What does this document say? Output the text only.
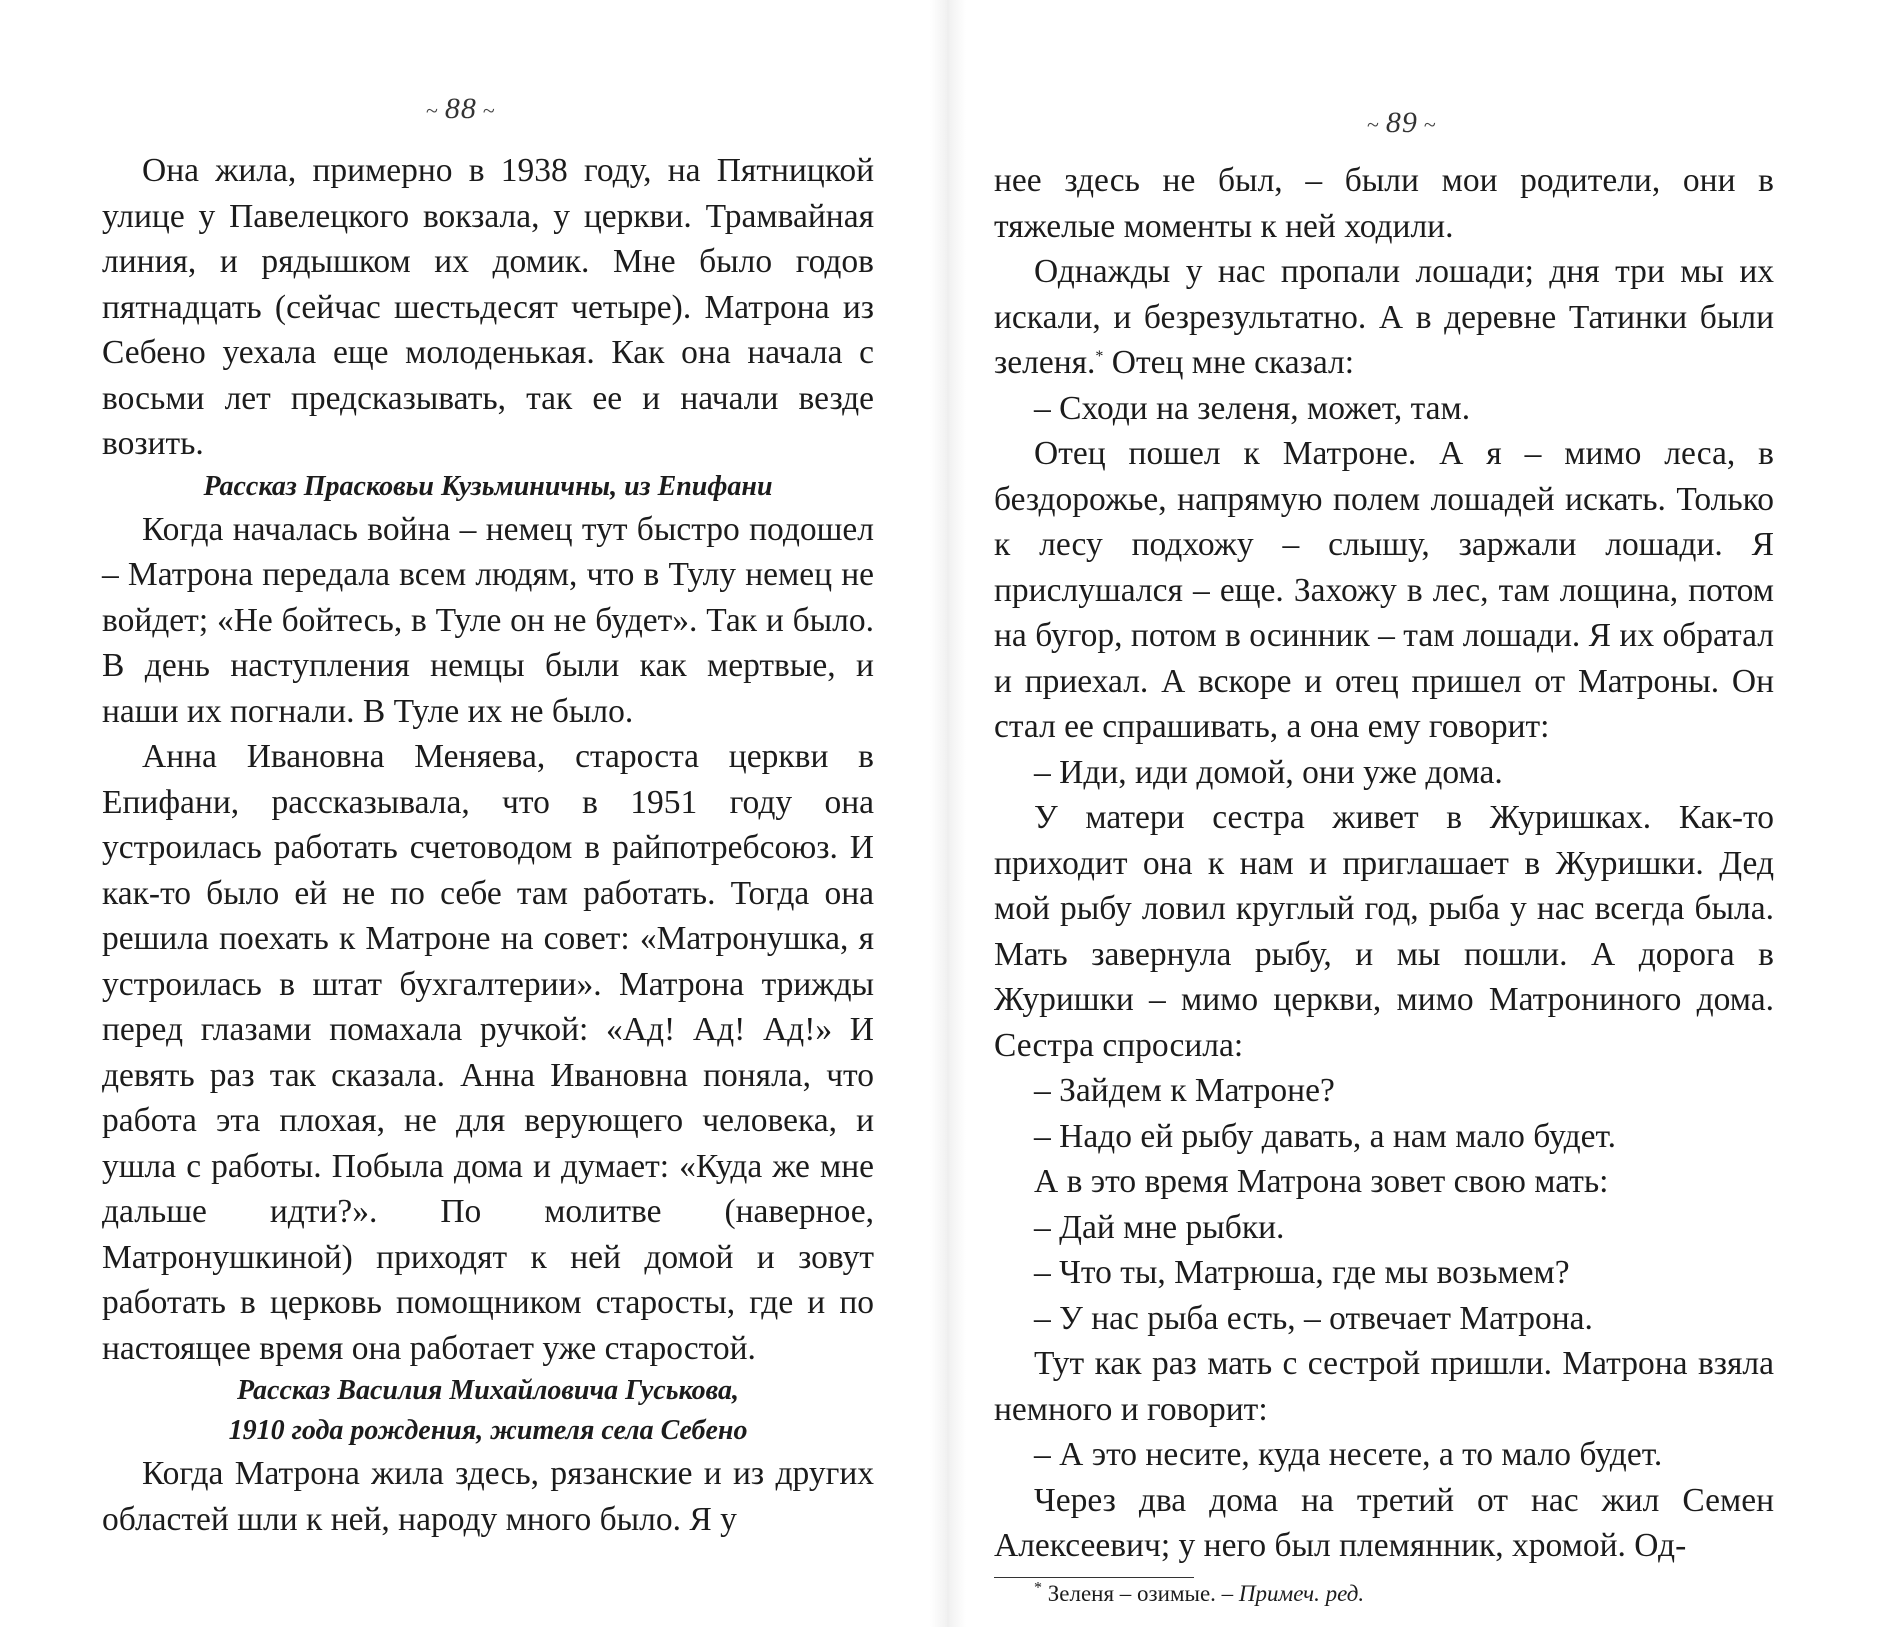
~ 88 ~

Она жила, примерно в 1938 году, на Пятницкой улице у Павелецкого вокзала, у церкви. Трамвайная линия, и рядышком их домик. Мне было годов пятнадцать (сейчас шестьдесят четыре). Матрона из Себено уехала еще молоденькая. Как она начала с восьми лет предсказывать, так ее и начали везде возить.

Рассказ Прасковьи Кузьминичны, из Епифани

Когда началась война – немец тут быстро подошел – Матрона передала всем людям, что в Тулу немец не войдет; «Не бойтесь, в Туле он не будет». Так и было. В день наступления немцы были как мертвые, и наши их погнали. В Туле их не было.

Анна Ивановна Меняева, староста церкви в Епифани, рассказывала, что в 1951 году она устроилась работать счетоводом в райпотребсоюз. И как-то было ей не по себе там работать. Тогда она решила поехать к Матроне на совет: «Матронушка, я устроилась в штат бухгалтерии». Матрона трижды перед глазами помахала ручкой: «Ад! Ад! Ад!» И девять раз так сказала. Анна Ивановна поняла, что работа эта плохая, не для верующего человека, и ушла с работы. Побыла дома и думает: «Куда же мне дальше идти?». По молитве (наверное, Матронушкиной) приходят к ней домой и зовут работать в церковь помощником старосты, где и по настоящее время она работает уже старостой.

Рассказ Василия Михайловича Гуськова,
1910 года рождения, жителя села Себено

Когда Матрона жила здесь, рязанские и из других областей шли к ней, народу много было. Я у

~ 89 ~

нее здесь не был, – были мои родители, они в тяжелые моменты к ней ходили.

Однажды у нас пропали лошади; дня три мы их искали, и безрезультатно. А в деревне Татинки были зеленя.* Отец мне сказал:

– Сходи на зеленя, может, там.

Отец пошел к Матроне. А я – мимо леса, в бездорожье, напрямую полем лошадей искать. Только к лесу подхожу – слышу, заржали лошади. Я прислушался – еще. Захожу в лес, там лощина, потом на бугор, потом в осинник – там лошади. Я их обратал и приехал. А вскоре и отец пришел от Матроны. Он стал ее спрашивать, а она ему говорит:

– Иди, иди домой, они уже дома.

У матери сестра живет в Журишках. Как-то приходит она к нам и приглашает в Журишки. Дед мой рыбу ловил круглый год, рыба у нас всегда была. Мать завернула рыбу, и мы пошли. А дорога в Журишки – мимо церкви, мимо Матрониного дома. Сестра спросила:

– Зайдем к Матроне?

– Надо ей рыбу давать, а нам мало будет.

А в это время Матрона зовет свою мать:

– Дай мне рыбки.

– Что ты, Матрюша, где мы возьмем?

– У нас рыба есть, – отвечает Матрона.

Тут как раз мать с сестрой пришли. Матрона взяла немного и говорит:

– А это несите, куда несете, а то мало будет.

Через два дома на третий от нас жил Семен Алексеевич; у него был племянник, хромой. Од-

* Зеленя – озимые. – Примеч. ред.
